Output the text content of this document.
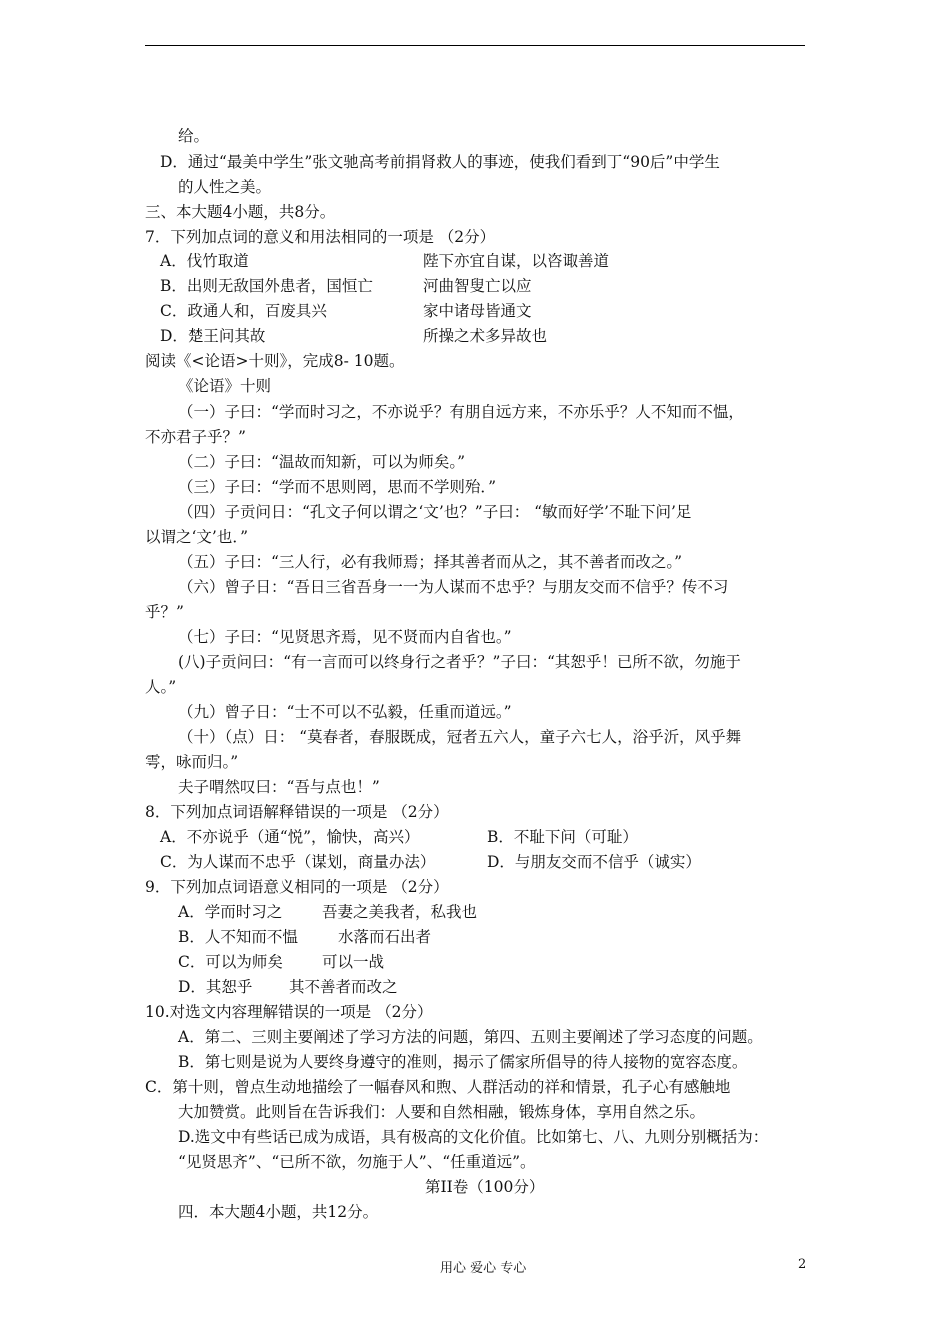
给。
D．通过“最美中学生”张文驰高考前捐肾救人的事迹，使我们看到丁“90后”中学生
的人性之美。
三、本大题4小题，共8分。
7．下列加点词的意义和用法相同的一项是 （2分）
A．伐竹取道	陛下亦宜自谋，以咨诹善道
B．出则无敌国外患者，国恒亡	河曲智叟亡以应
C．政通人和，百废具兴	家中诸母皆通文
D．楚王问其故	所操之术多异故也
阅读《<论语>十则》，完成8- 10题。
《论语》十则
（一）子曰：“学而时习之，不亦说乎？有朋自远方来，不亦乐乎？人不知而不愠，
不亦君子乎？”
（二）子曰：“温故而知新，可以为师矣。”
（三）子曰：“学而不思则罔，思而不学则殆．”
（四）子贡问日：“孔文子何以谓之‘文’也？”子曰： “敏而好学’不耻下问’足
以谓之‘文’也．”
（五）子曰：“三人行，必有我师焉；择其善者而从之，其不善者而改之。”
（六）曾子日：“吾日三省吾身一一为人谋而不忠乎？与朋友交而不信乎？传不习
乎？”
（七）子曰：“见贤思齐焉，见不贤而内自省也。”
(八)子贡问曰：“有一言而可以终身行之者乎？”子曰：“其恕乎！已所不欲，勿施于
人。”
（九）曾子日：“士不可以不弘毅，任重而道远。”
（十）（点）日： “莫春者，春服既成，冠者五六人，童子六七人，浴乎沂，风乎舞
雩，咏而归。”
夫子喟然叹曰：“吾与点也！”
8．下列加点词语解释错误的一项是 （2分）
A．不亦说乎（通“悦”，愉快，高兴）	B．不耻下问（可耻）
C．为人谋而不忠乎（谋划，商量办法）	D．与朋友交而不信乎（诚实）
9．下列加点词语意义相同的一项是 （2分）
A．学而时习之	吾妻之美我者，私我也
B．人不知而不愠	水落而石出者
C．可以为师矣	可以一战
D．其恕乎 其不善者而改之
10.对选文内容理解错误的一项是 （2分）
A．第二、三则主要阐述了学习方法的问题，第四、五则主要阐述了学习态度的问题。
B．第七则是说为人要终身遵守的准则，揭示了儒家所倡导的待人接物的宽容态度。
C．第十则，曾点生动地描绘了一幅春风和煦、人群活动的祥和情景，孔子心有感触地
大加赞赏。此则旨在告诉我们：人要和自然相融，锻炼身体，享用自然之乐。
D.选文中有些话已成为成语，具有极高的文化价值。比如第七、八、九则分别概括为：
“见贤思齐”、“已所不欲，勿施于人”、“任重道远”。
第II卷（100分）
四．本大题4小题，共12分。
用心 爱心 专心	2
